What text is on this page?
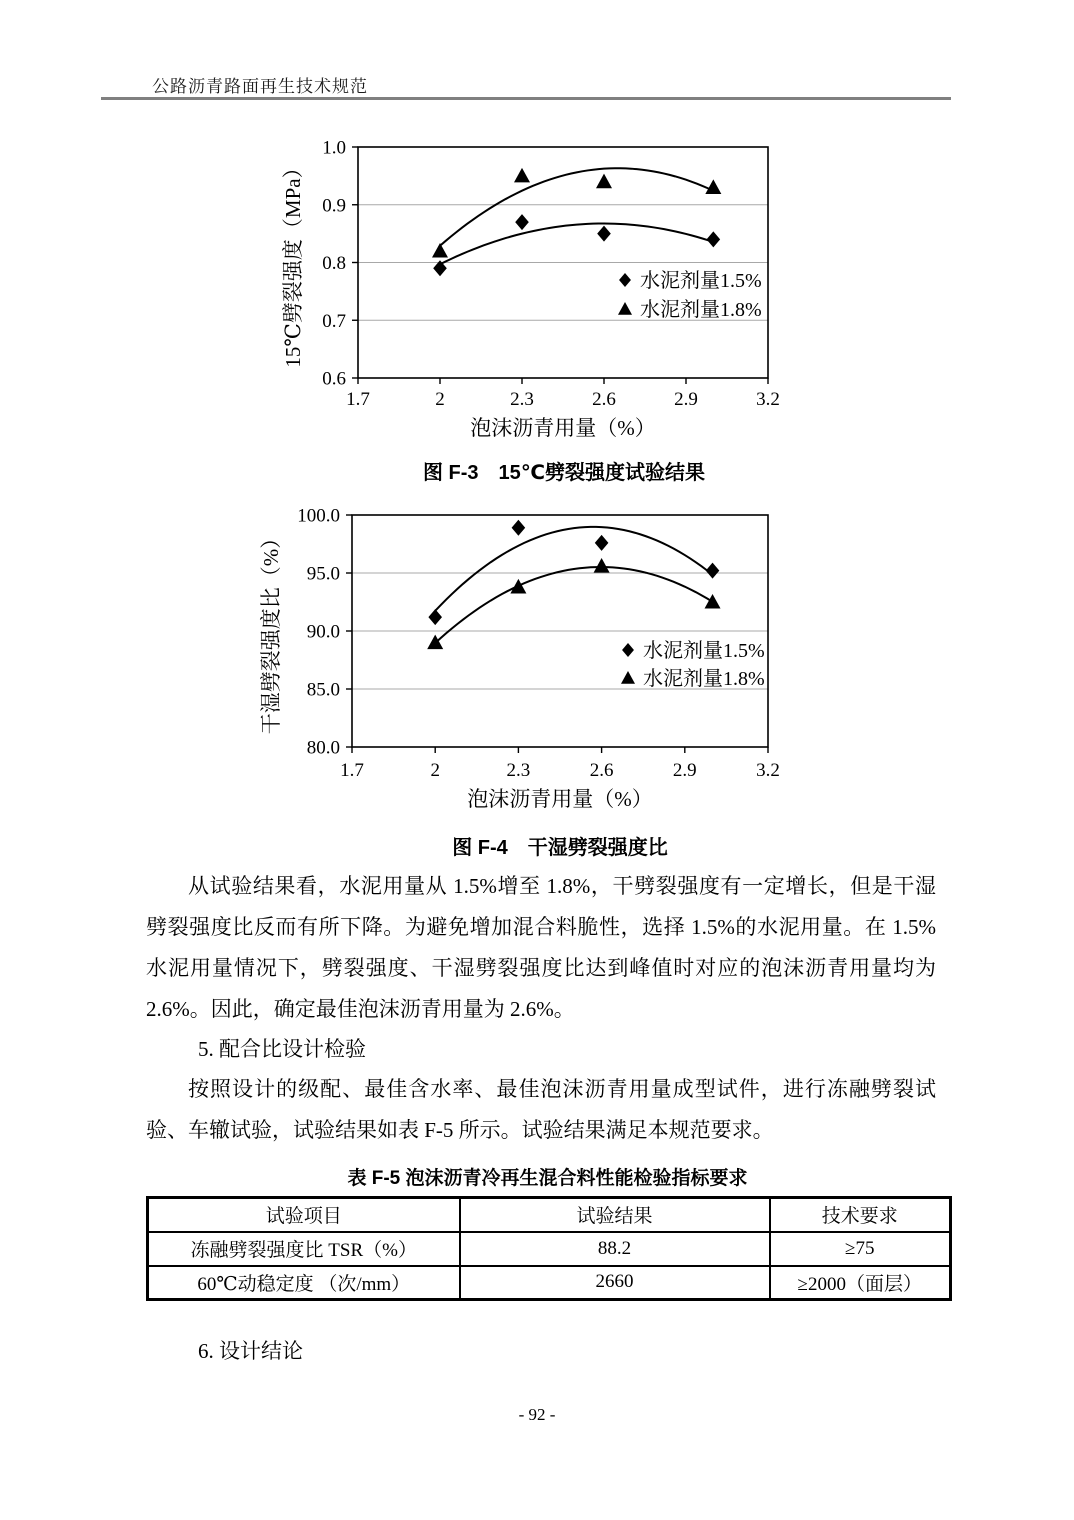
公路沥青路面再生技术规范
0.6
0.7
0.8
0.9
1.0
1.7	2	2.3	2.6	2.9	3.2
泡沫沥青用量（%）
15℃劈裂强度（MPa）	水泥剂量1.5%
水泥剂量1.8%
图 F-3　15℃劈裂强度试验结果
80.0
85.0
90.0
95.0
100.0
1.7	2	2.3	2.6	2.9	3.2
泡沫沥青用量（%）
干湿劈裂强度比（%）	水泥剂量1.5%
水泥剂量1.8%
图 F-4　干湿劈裂强度比

从试验结果看，水泥用量从 1.5%增至 1.8%，干劈裂强度有一定增长，但是干湿劈裂强度比反而有所下降。为避免增加混合料脆性，选择 1.5%的水泥用量。在 1.5%水泥用量情况下，劈裂强度、干湿劈裂强度比达到峰值时对应的泡沫沥青用量均为 2.6%。因此，确定最佳泡沫沥青用量为 2.6%。

5. 配合比设计检验

按照设计的级配、最佳含水率、最佳泡沫沥青用量成型试件，进行冻融劈裂试验、车辙试验，试验结果如表 F-5 所示。试验结果满足本规范要求。

表 F-5 泡沫沥青冷再生混合料性能检验指标要求
试验项目	试验结果	技术要求
冻融劈裂强度比 TSR（%）	88.2	≥75
60℃动稳定度 （次/mm）	2660	≥2000（面层）
6. 设计结论
- 92 -
